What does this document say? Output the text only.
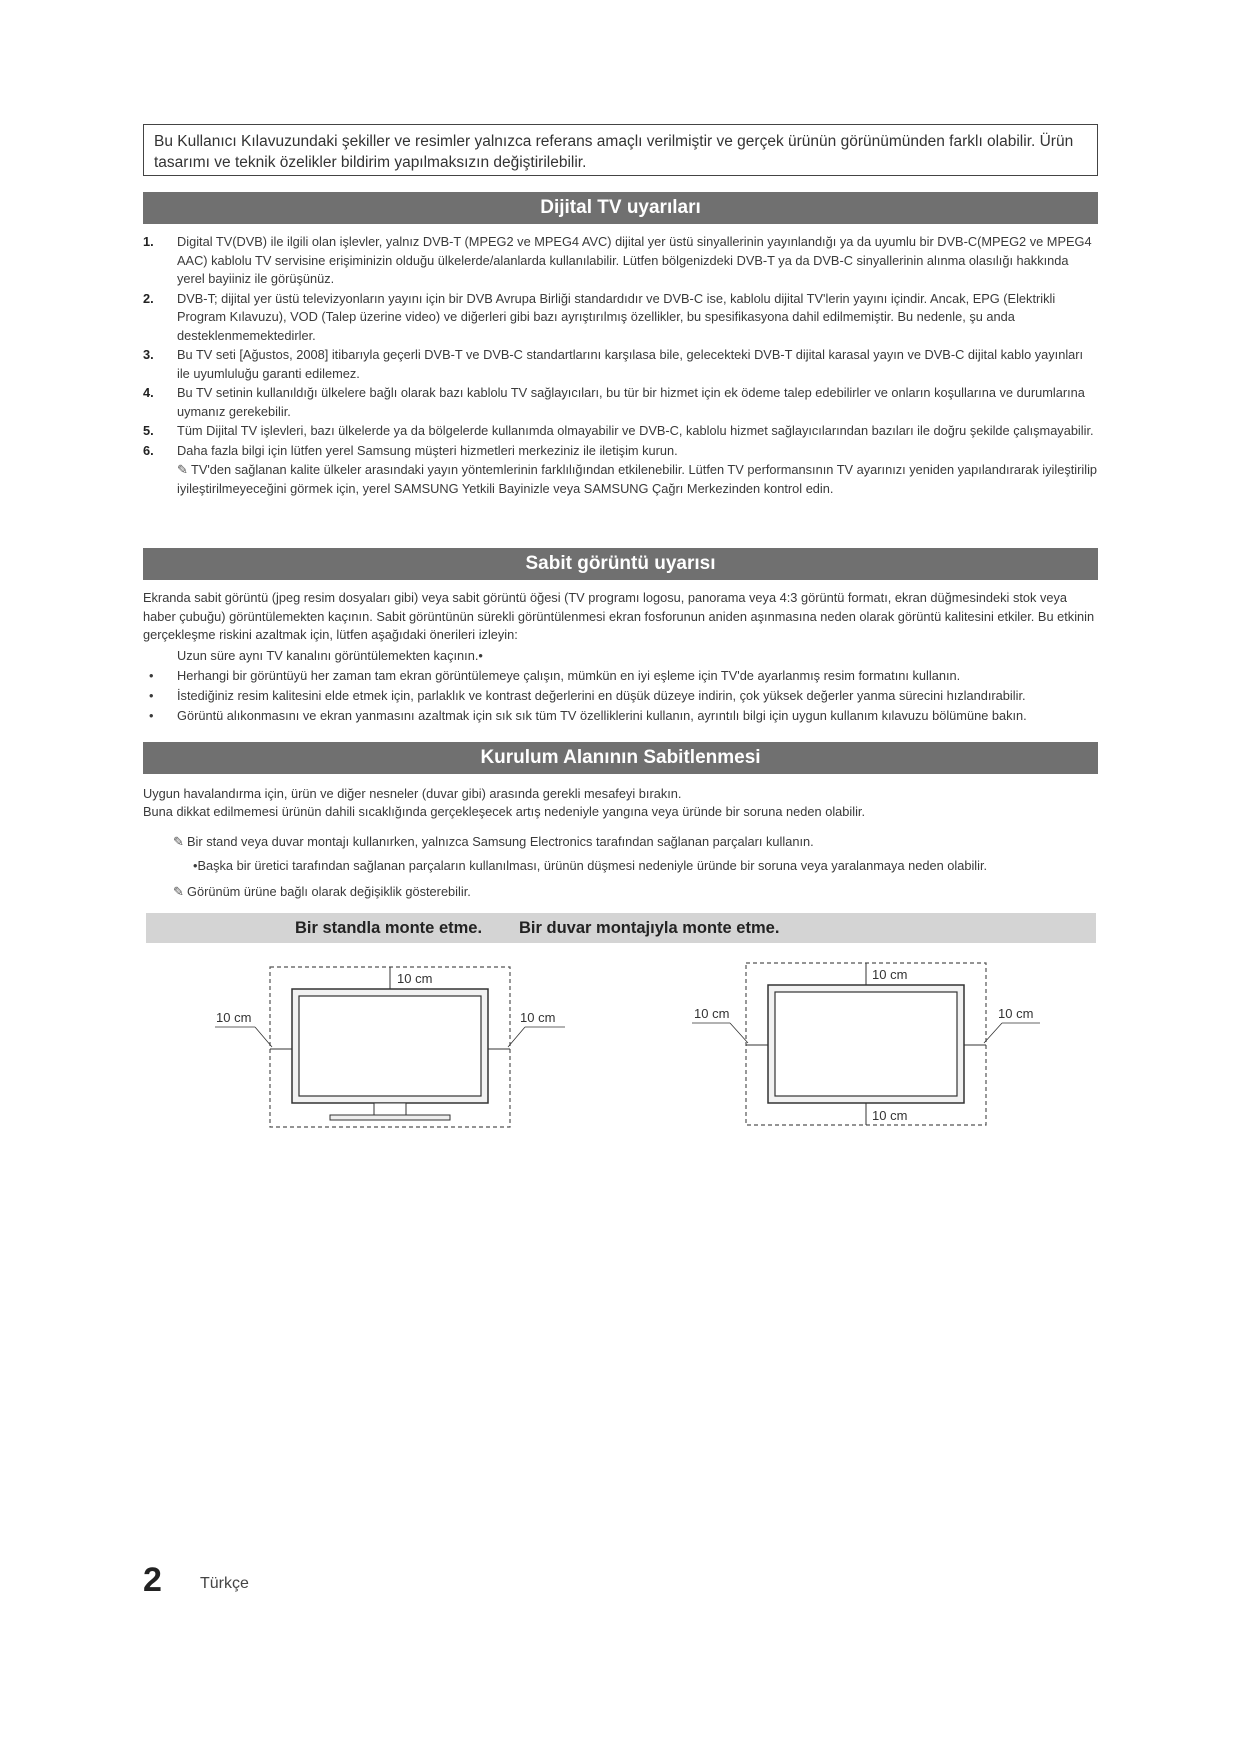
Bu Kullanıcı Kılavuzundaki şekiller ve resimler yalnızca referans amaçlı verilmiştir ve gerçek ürünün görünümünden farklı olabilir. Ürün tasarımı ve teknik özelikler bildirim yapılmaksızın değiştirilebilir.
Dijital TV uyarıları
1. Digital TV(DVB) ile ilgili olan işlevler, yalnız DVB-T (MPEG2 ve MPEG4 AVC) dijital yer üstü sinyallerinin yayınlandığı ya da uyumlu bir DVB-C(MPEG2 ve MPEG4 AAC) kablolu TV servisine erişiminizin olduğu ülkelerde/alanlarda kullanılabilir. Lütfen bölgenizdeki DVB-T ya da DVB-C sinyallerinin alınma olasılığı hakkında yerel bayiiniz ile görüşünüz.
2. DVB-T; dijital yer üstü televizyonların yayını için bir DVB Avrupa Birliği standardıdır ve DVB-C ise, kablolu dijital TV'lerin yayını içindir. Ancak, EPG (Elektrikli Program Kılavuzu), VOD (Talep üzerine video) ve diğerleri gibi bazı ayrıştırılmış özellikler, bu spesifikasyona dahil edilmemiştir. Bu nedenle, şu anda desteklenmemektedirler.
3. Bu TV seti [Ağustos, 2008] itibarıyla geçerli DVB-T ve DVB-C standartlarını karşılasa bile, gelecekteki DVB-T dijital karasal yayın ve DVB-C dijital kablo yayınları ile uyumluluğu garanti edilemez.
4. Bu TV setinin kullanıldığı ülkelere bağlı olarak bazı kablolu TV sağlayıcıları, bu tür bir hizmet için ek ödeme talep edebilirler ve onların koşullarına ve durumlarına uymanız gerekebilir.
5. Tüm Dijital TV işlevleri, bazı ülkelerde ya da bölgelerde kullanımda olmayabilir ve DVB-C, kablolu hizmet sağlayıcılarından bazıları ile doğru şekilde çalışmayabilir.
6. Daha fazla bilgi için lütfen yerel Samsung müşteri hizmetleri merkeziniz ile iletişim kurun.
✎ TV'den sağlanan kalite ülkeler arasındaki yayın yöntemlerinin farklılığından etkilenebilir. Lütfen TV performansının TV ayarınızı yeniden yapılandırarak iyileştirilip iyileştirilmeyeceğini görmek için, yerel SAMSUNG Yetkili Bayinizle veya SAMSUNG Çağrı Merkezinden kontrol edin.
Sabit görüntü uyarısı

Ekranda sabit görüntü (jpeg resim dosyaları gibi) veya sabit görüntü öğesi (TV programı logosu, panorama veya 4:3 görüntü formatı, ekran düğmesindeki stok veya haber çubuğu) görüntülemekten kaçının. Sabit görüntünün sürekli görüntülenmesi ekran fosforunun aniden aşınmasına neden olarak görüntü kalitesini etkiler. Bu etkinin gerçekleşme riskini azaltmak için, lütfen aşağıdaki önerileri izleyin:

Uzun süre aynı TV kanalını görüntülemekten kaçının.•
• Herhangi bir görüntüyü her zaman tam ekran görüntülemeye çalışın, mümkün en iyi eşleme için TV'de ayarlanmış resim formatını kullanın.
• İstediğiniz resim kalitesini elde etmek için, parlaklık ve kontrast değerlerini en düşük düzeye indirin, çok yüksek değerler yanma sürecini hızlandırabilir.
• Görüntü alıkonmasını ve ekran yanmasını azaltmak için sık sık tüm TV özelliklerini kullanın, ayrıntılı bilgi için uygun kullanım kılavuzu bölümüne bakın.
Kurulum Alanının Sabitlenmesi
Uygun havalandırma için, ürün ve diğer nesneler (duvar gibi) arasında gerekli mesafeyi bırakın.
Buna dikkat edilmemesi ürünün dahili sıcaklığında gerçekleşecek artış nedeniyle yangına veya üründe bir soruna neden olabilir.
✎ Bir stand veya duvar montajı kullanırken, yalnızca Samsung Electronics tarafından sağlanan parçaları kullanın.
•Başka bir üretici tarafından sağlanan parçaların kullanılması, ürünün düşmesi nedeniyle üründe bir soruna veya yaralanmaya neden olabilir.
✎ Görünüm ürüne bağlı olarak değişiklik gösterebilir.
Bir standla monte etme. Bir duvar montajıyla monte etme.
10 cm
10 cm	10 cm
10 cm
10 cm
10 cm	10 cm
2 Türkçe
